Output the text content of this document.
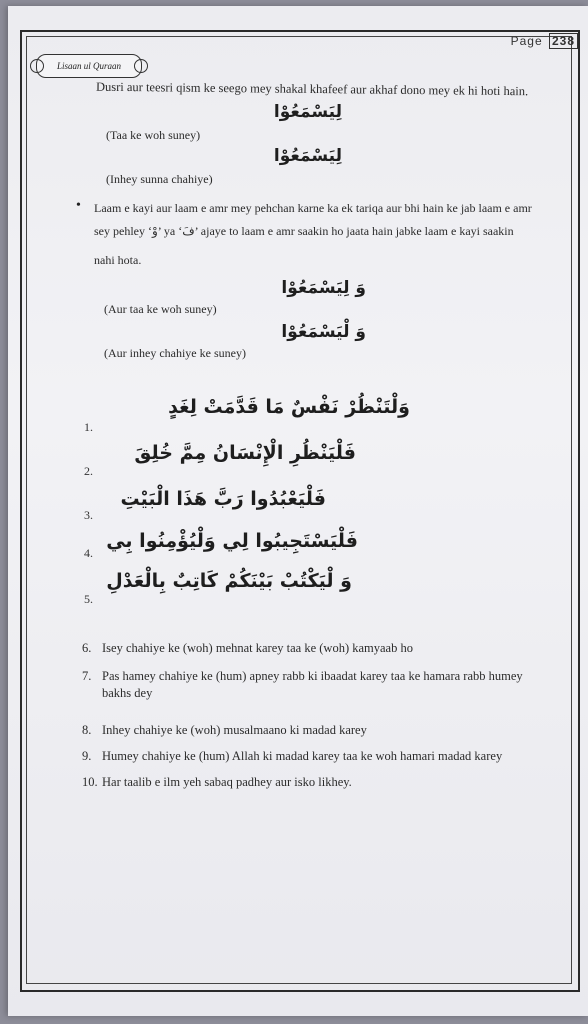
Page 238
Lisaan ul Quraan
Dusri aur teesri qism ke seego mey shakal khafeef aur akhaf dono mey ek hi hoti hain.
لِيَسْمَعُوْا
(Taa ke woh suney)
لِيَسْمَعُوْا
(Inhey sunna chahiye)
• Laam e kayi aur laam e amr mey pehchan karne ka ek tariqa aur bhi hain ke jab laam e amr
sey pehley ‘وْ’ ya ‘فَ’ ajaye to laam e amr saakin ho jaata hain jabke laam e kayi saakin
nahi hota.
وَ لِيَسْمَعُوْا
(Aur taa ke woh suney)
وَ لْيَسْمَعُوْا
(Aur inhey chahiye ke suney)
1.
وَلْتَنْظُرْ نَفْسٌ مَا قَدَّمَتْ لِغَدٍ
2.
فَلْيَنْظُرِ الْإِنْسَانُ مِمَّ خُلِقَ
3.
فَلْيَعْبُدُوا رَبَّ هَذَا الْبَيْتِ
4.
فَلْيَسْتَجِيبُوا لِي وَلْيُؤْمِنُوا بِي
5.
وَ لْيَكْتُبْ بَيْنَكُمْ كَاتِبٌ بِالْعَدْلِ
6. Isey chahiye ke (woh) mehnat karey taa ke (woh) kamyaab ho
7. Pas hamey chahiye ke (hum) apney rabb ki ibaadat karey taa ke hamara rabb humey
bakhs dey
8. Inhey chahiye ke (woh) musalmaano ki madad karey
9. Humey chahiye ke (hum) Allah ki madad karey taa ke woh hamari madad karey
10. Har taalib e ilm yeh sabaq padhey aur isko likhey.
